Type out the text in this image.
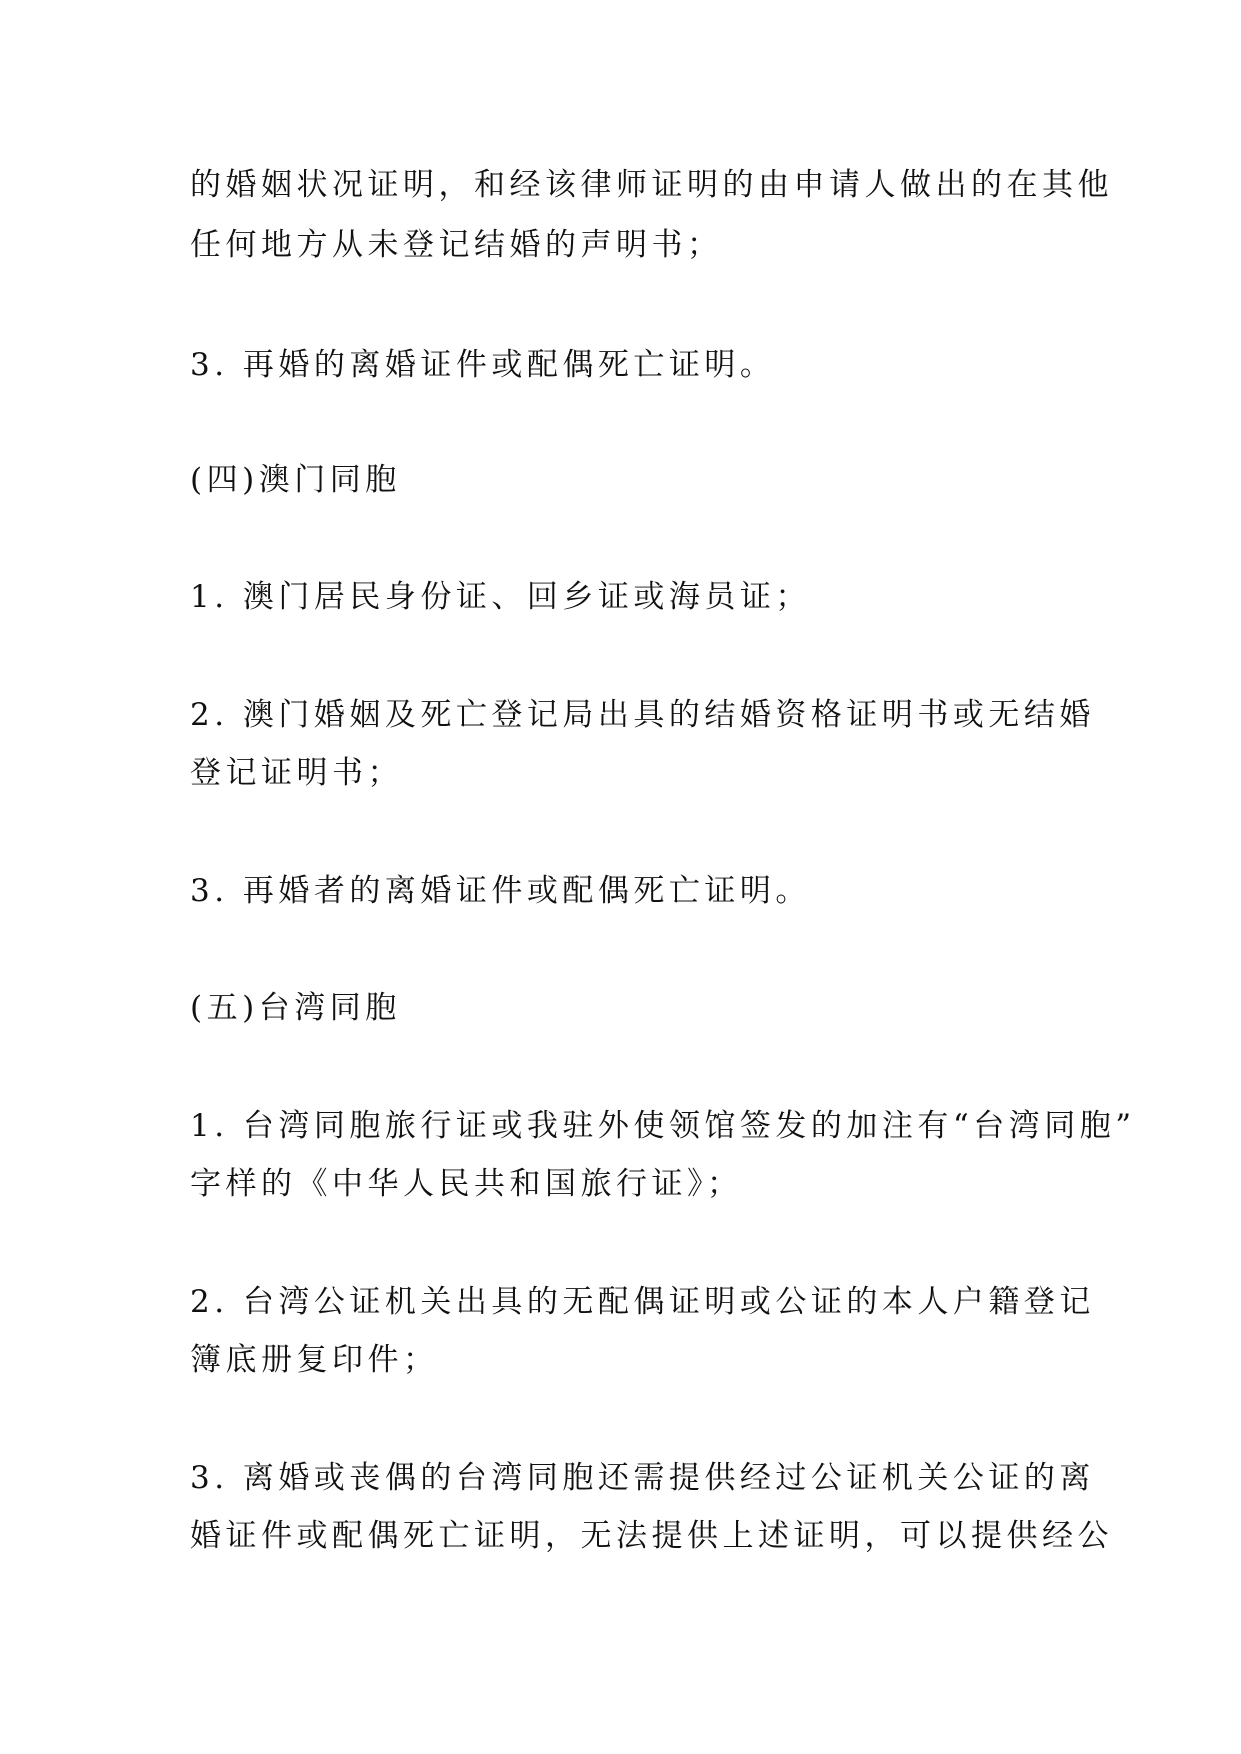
的婚姻状况证明，和经该律师证明的由申请人做出的在其他
任何地方从未登记结婚的声明书；
3. 再婚的离婚证件或配偶死亡证明。
(四)澳门同胞
1. 澳门居民身份证、回乡证或海员证；
2. 澳门婚姻及死亡登记局出具的结婚资格证明书或无结婚
登记证明书；
3. 再婚者的离婚证件或配偶死亡证明。
(五)台湾同胞
1. 台湾同胞旅行证或我驻外使领馆签发的加注有“台湾同胞”
字样的《中华人民共和国旅行证》；
2. 台湾公证机关出具的无配偶证明或公证的本人户籍登记
簿底册复印件；
3. 离婚或丧偶的台湾同胞还需提供经过公证机关公证的离
婚证件或配偶死亡证明，无法提供上述证明，可以提供经公
